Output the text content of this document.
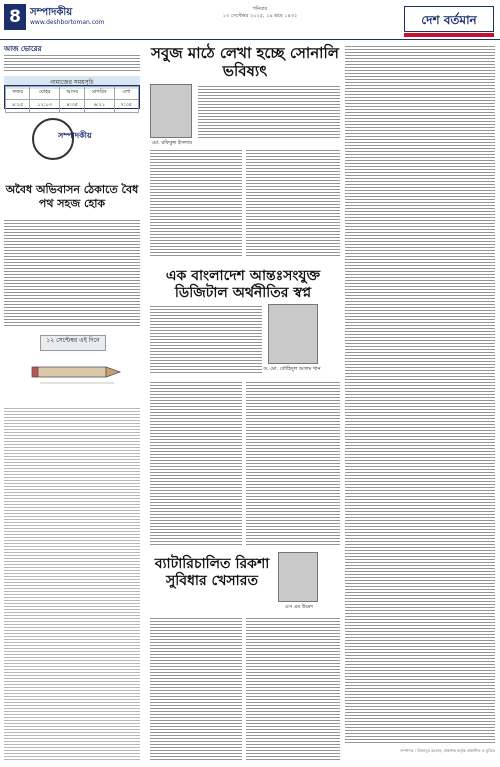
8 সম্পাদকীয়
www.deshbortoman.com
শনিবার
১৩ সেপ্টেম্বর ২০২৫, ২৯ ভাদ্র ১৪৩২	দেশ বর্তমান
আজ ভোরের
নামাজের সময়সূচি
ফজর	যোহর	আসর	মাগরিব	এশা
৪:২৫	১২:০৩	৪:৩৫	৬:২১	৭:৩৫
সম্পাদকীয়
অবৈধ অভিবাসন ঠেকাতে বৈধ পথ সহজ হোক
১২ সেপ্টেম্বর এই দিনে
সবুজ মাঠে লেখা হচ্ছে সোনালি ভবিষ্যৎ
মো. রফিকুল ইসলাম
এক বাংলাদেশ আন্তঃসংযুক্ত ডিজিটাল অর্থনীতির স্বপ্ন
ড. মো. তৌহিদুল আলম খান
ব্যাটারিচালিত রিকশা সুবিধার খেসারত
এস এম উমেদ
সম্পাদক : মিজানুর রহমান, প্রকাশক কর্তৃক প্রকাশিত ও মুদ্রিত
